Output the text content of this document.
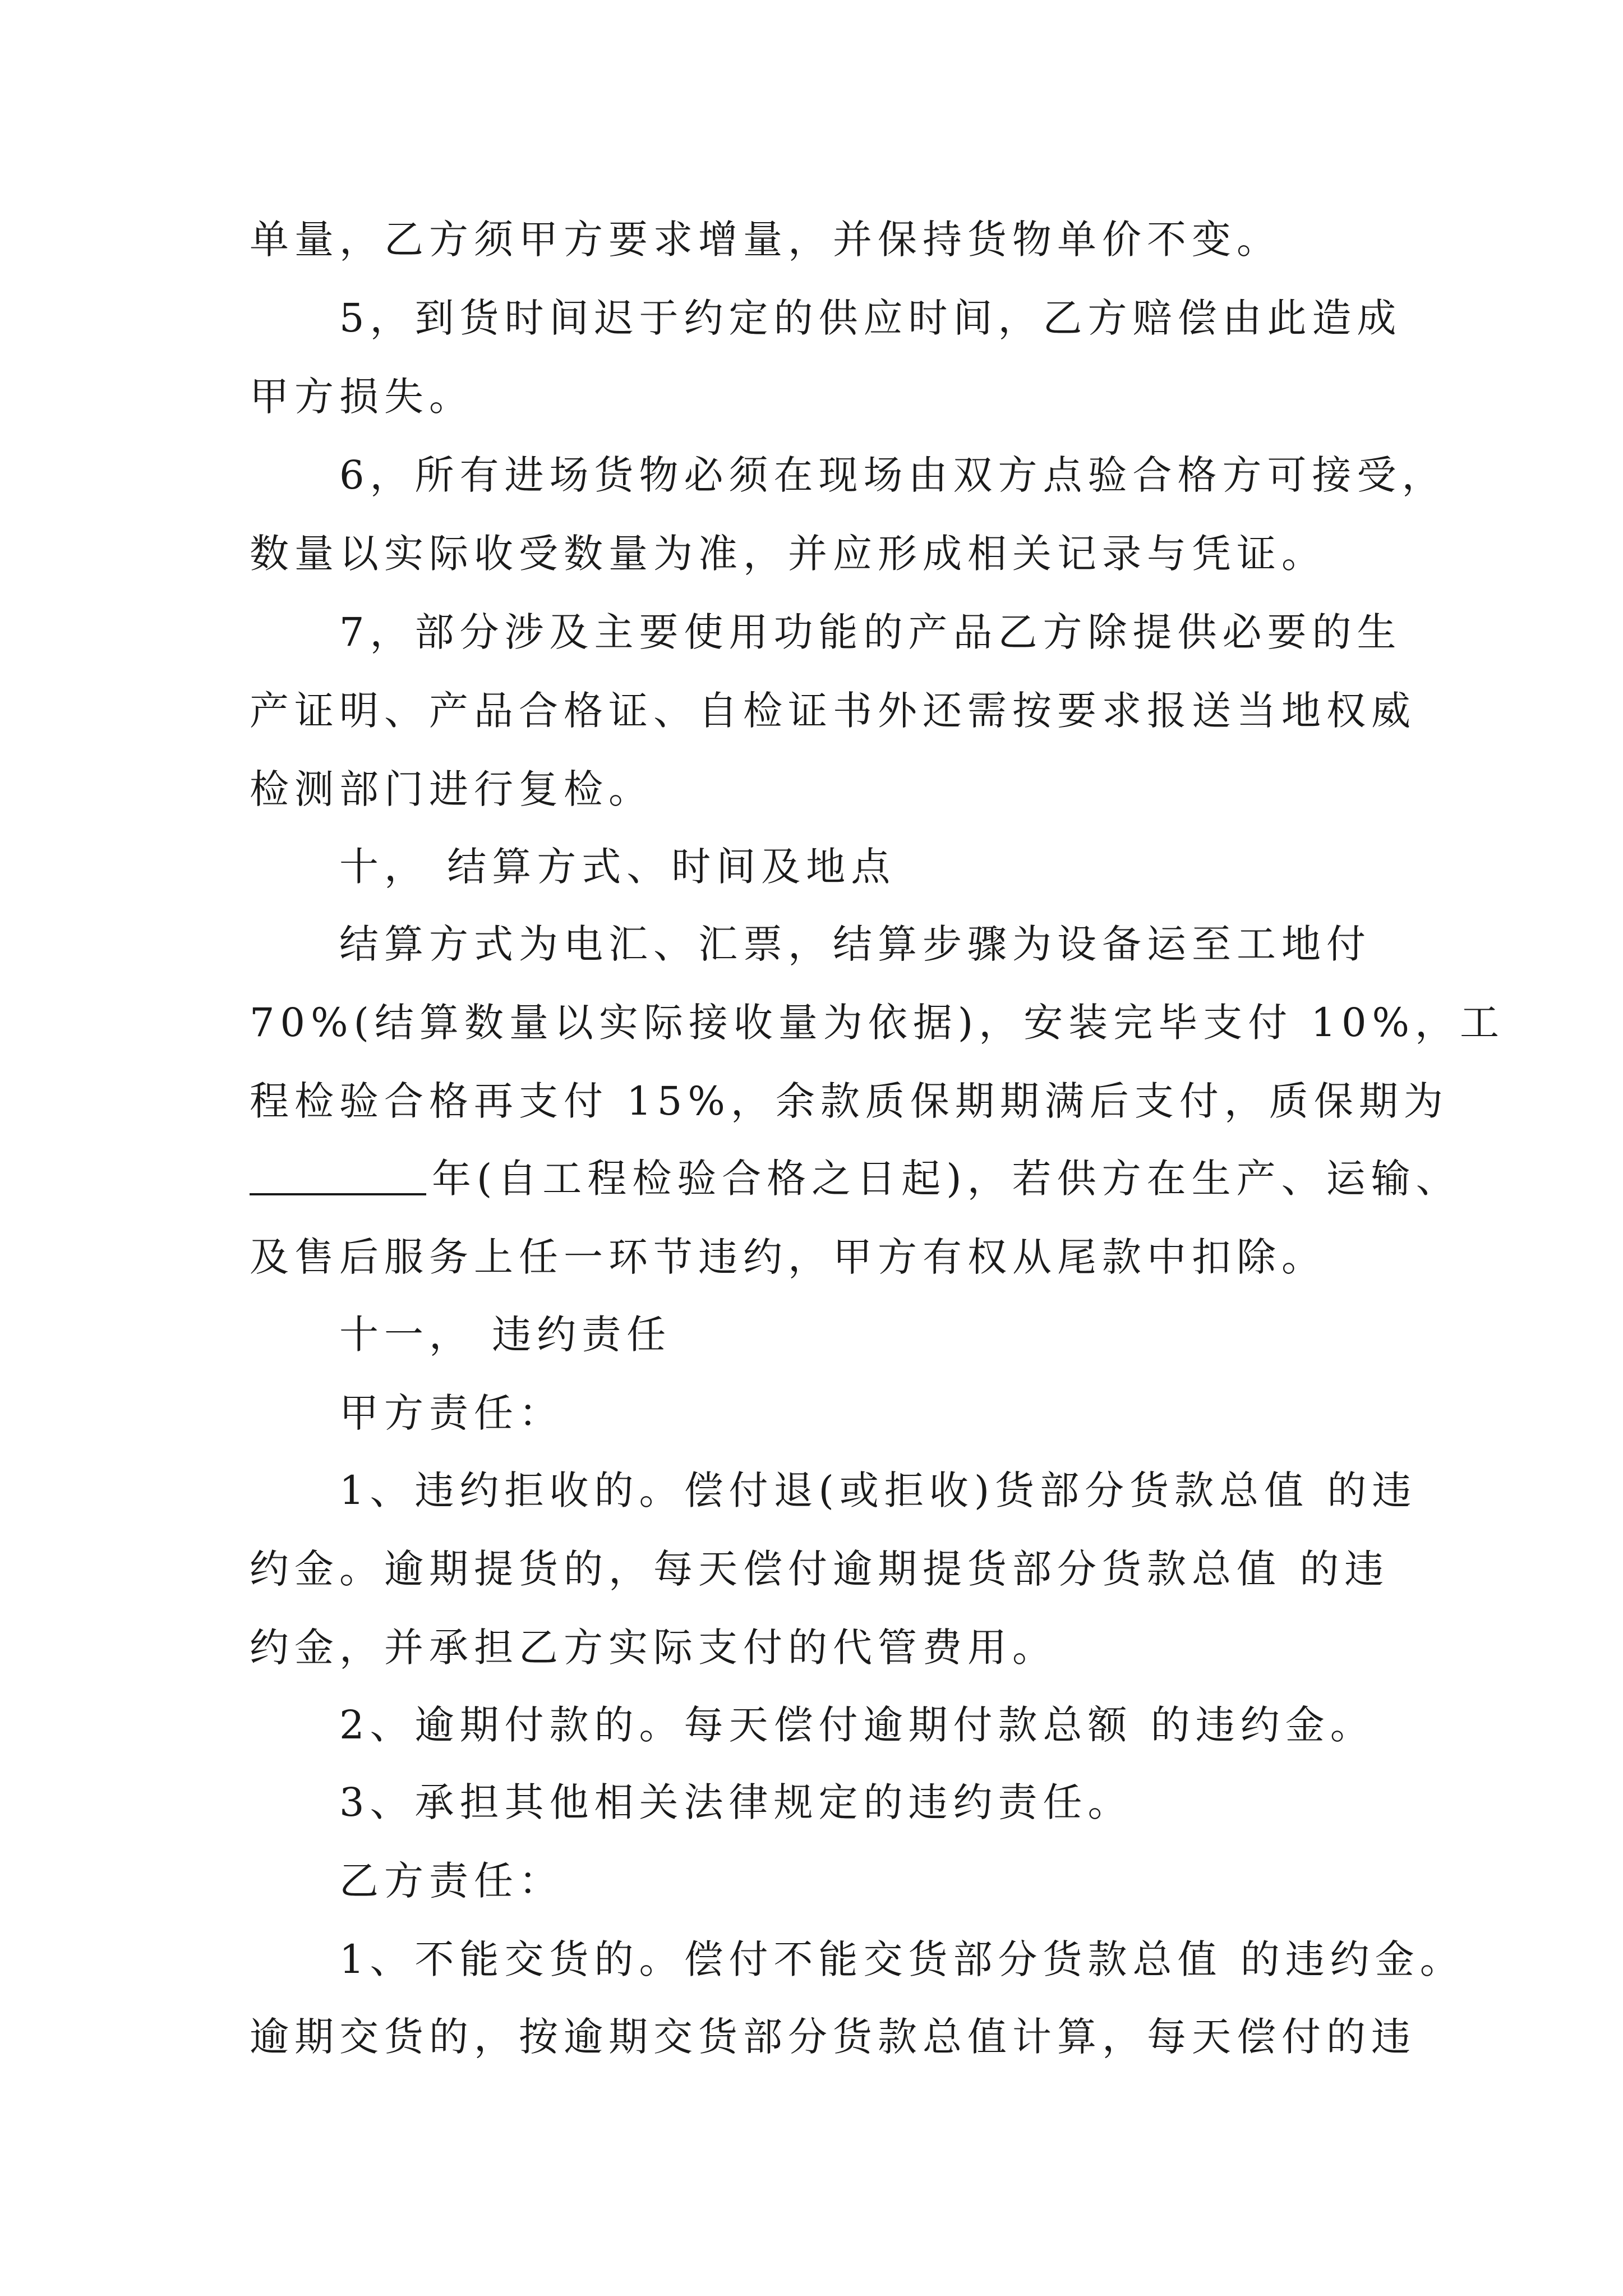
单量，乙方须甲方要求增量，并保持货物单价不变。
5，到货时间迟于约定的供应时间，乙方赔偿由此造成
甲方损失。
6，所有进场货物必须在现场由双方点验合格方可接受，
数量以实际收受数量为准，并应形成相关记录与凭证。
7，部分涉及主要使用功能的产品乙方除提供必要的生
产证明、产品合格证、自检证书外还需按要求报送当地权威
检测部门进行复检。
十， 结算方式、时间及地点
结算方式为电汇、汇票，结算步骤为设备运至工地付
70%(结算数量以实际接收量为依据)，安装完毕支付 10%，工
程检验合格再支付 15%，余款质保期期满后支付，质保期为
年(自工程检验合格之日起)，若供方在生产、运输、
及售后服务上任一环节违约，甲方有权从尾款中扣除。
十一， 违约责任
甲方责任：
1、违约拒收的。偿付退(或拒收)货部分货款总值 的违
约金。逾期提货的，每天偿付逾期提货部分货款总值 的违
约金，并承担乙方实际支付的代管费用。
2、逾期付款的。每天偿付逾期付款总额 的违约金。
3、承担其他相关法律规定的违约责任。
乙方责任：
1、不能交货的。偿付不能交货部分货款总值 的违约金。
逾期交货的，按逾期交货部分货款总值计算，每天偿付的违
